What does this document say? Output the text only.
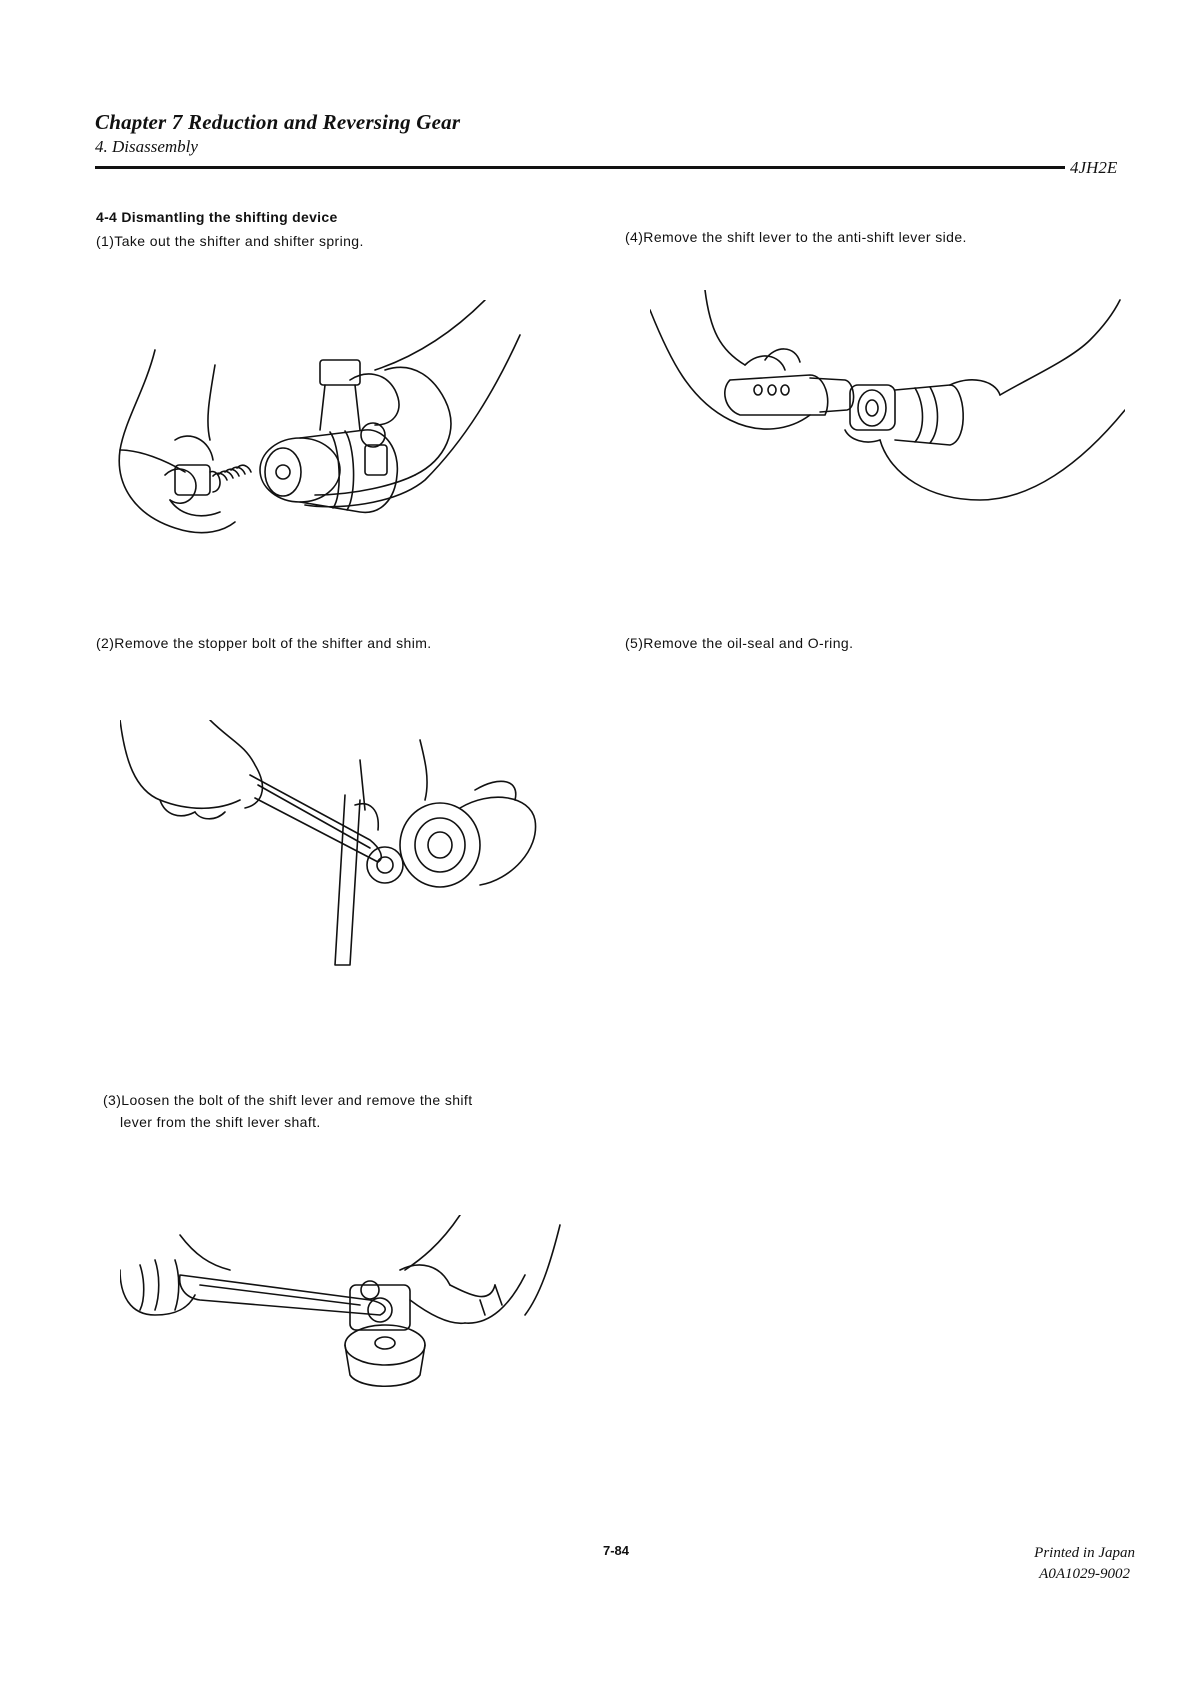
Chapter 7 Reduction and Reversing Gear
4. Disassembly
4JH2E
4-4 Dismantling the shifting device
(1)Take out the shifter and shifter spring.	(4)Remove the shift lever to the anti-shift lever side.
(2)Remove the stopper bolt of the shifter and shim.	(5)Remove the oil-seal and O-ring.
(3)Loosen the bolt of the shift lever and remove the shift
lever from the shift lever shaft.
7-84	Printed in Japan
A0A1029-9002
